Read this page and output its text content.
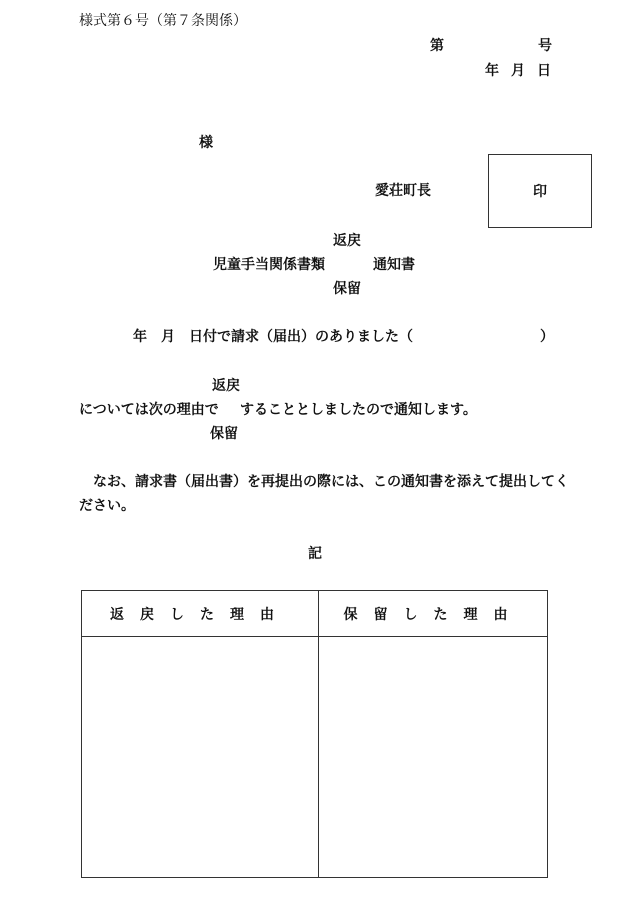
様式第６号（第７条関係）
第	号
年 月 日
様
愛荘町長	印
返戻
児童手当関係書類	通知書
保留
年　月　日付で請求（届出）のありました（	）
返戻
については次の理由で することとしましたので通知します。
保留
なお、請求書（届出書）を再提出の際には、この通知書を添えて提出してく
ださい。
記
返戻した理由	保留した理由
